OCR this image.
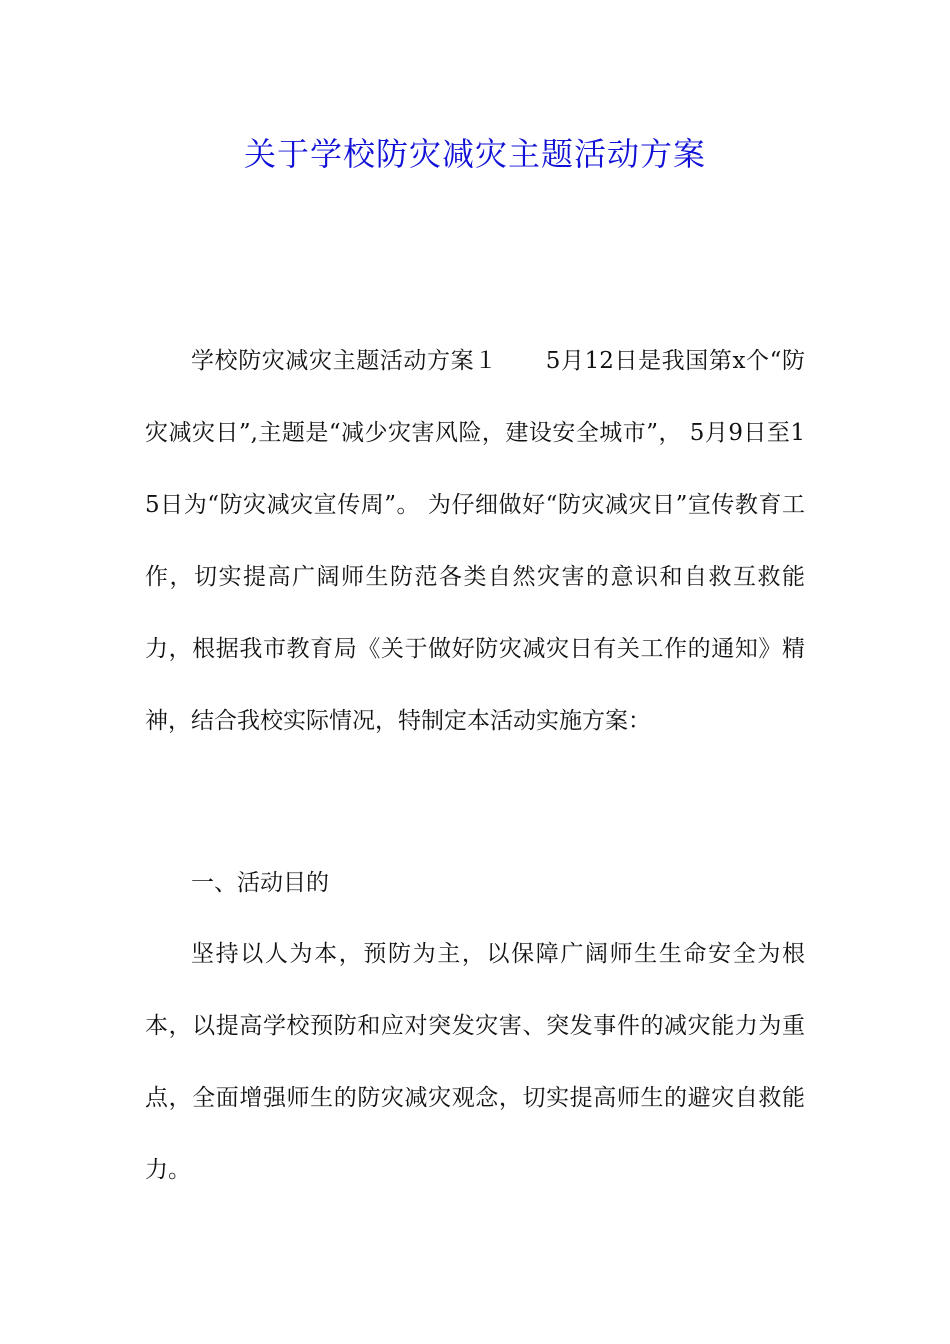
关于学校防灾减灾主题活动方案

学校防灾减灾主题活动方案１ 5月12日是我国第x个“防灾减灾日”,主题是“减少灾害风险，建设安全城市”， 5月9日至15日为“防灾减灾宣传周”。 为仔细做好“防灾减灾日”宣传教育工作，切实提高广阔师生防范各类自然灾害的意识和自救互救能力，根据我市教育局《关于做好防灾减灾日有关工作的通知》精神，结合我校实际情况，特制定本活动实施方案：

一、活动目的

坚持以人为本，预防为主，以保障广阔师生生命安全为根本，以提高学校预防和应对突发灾害、突发事件的减灾能力为重点，全面增强师生的防灾减灾观念，切实提高师生的避灾自救能力。
